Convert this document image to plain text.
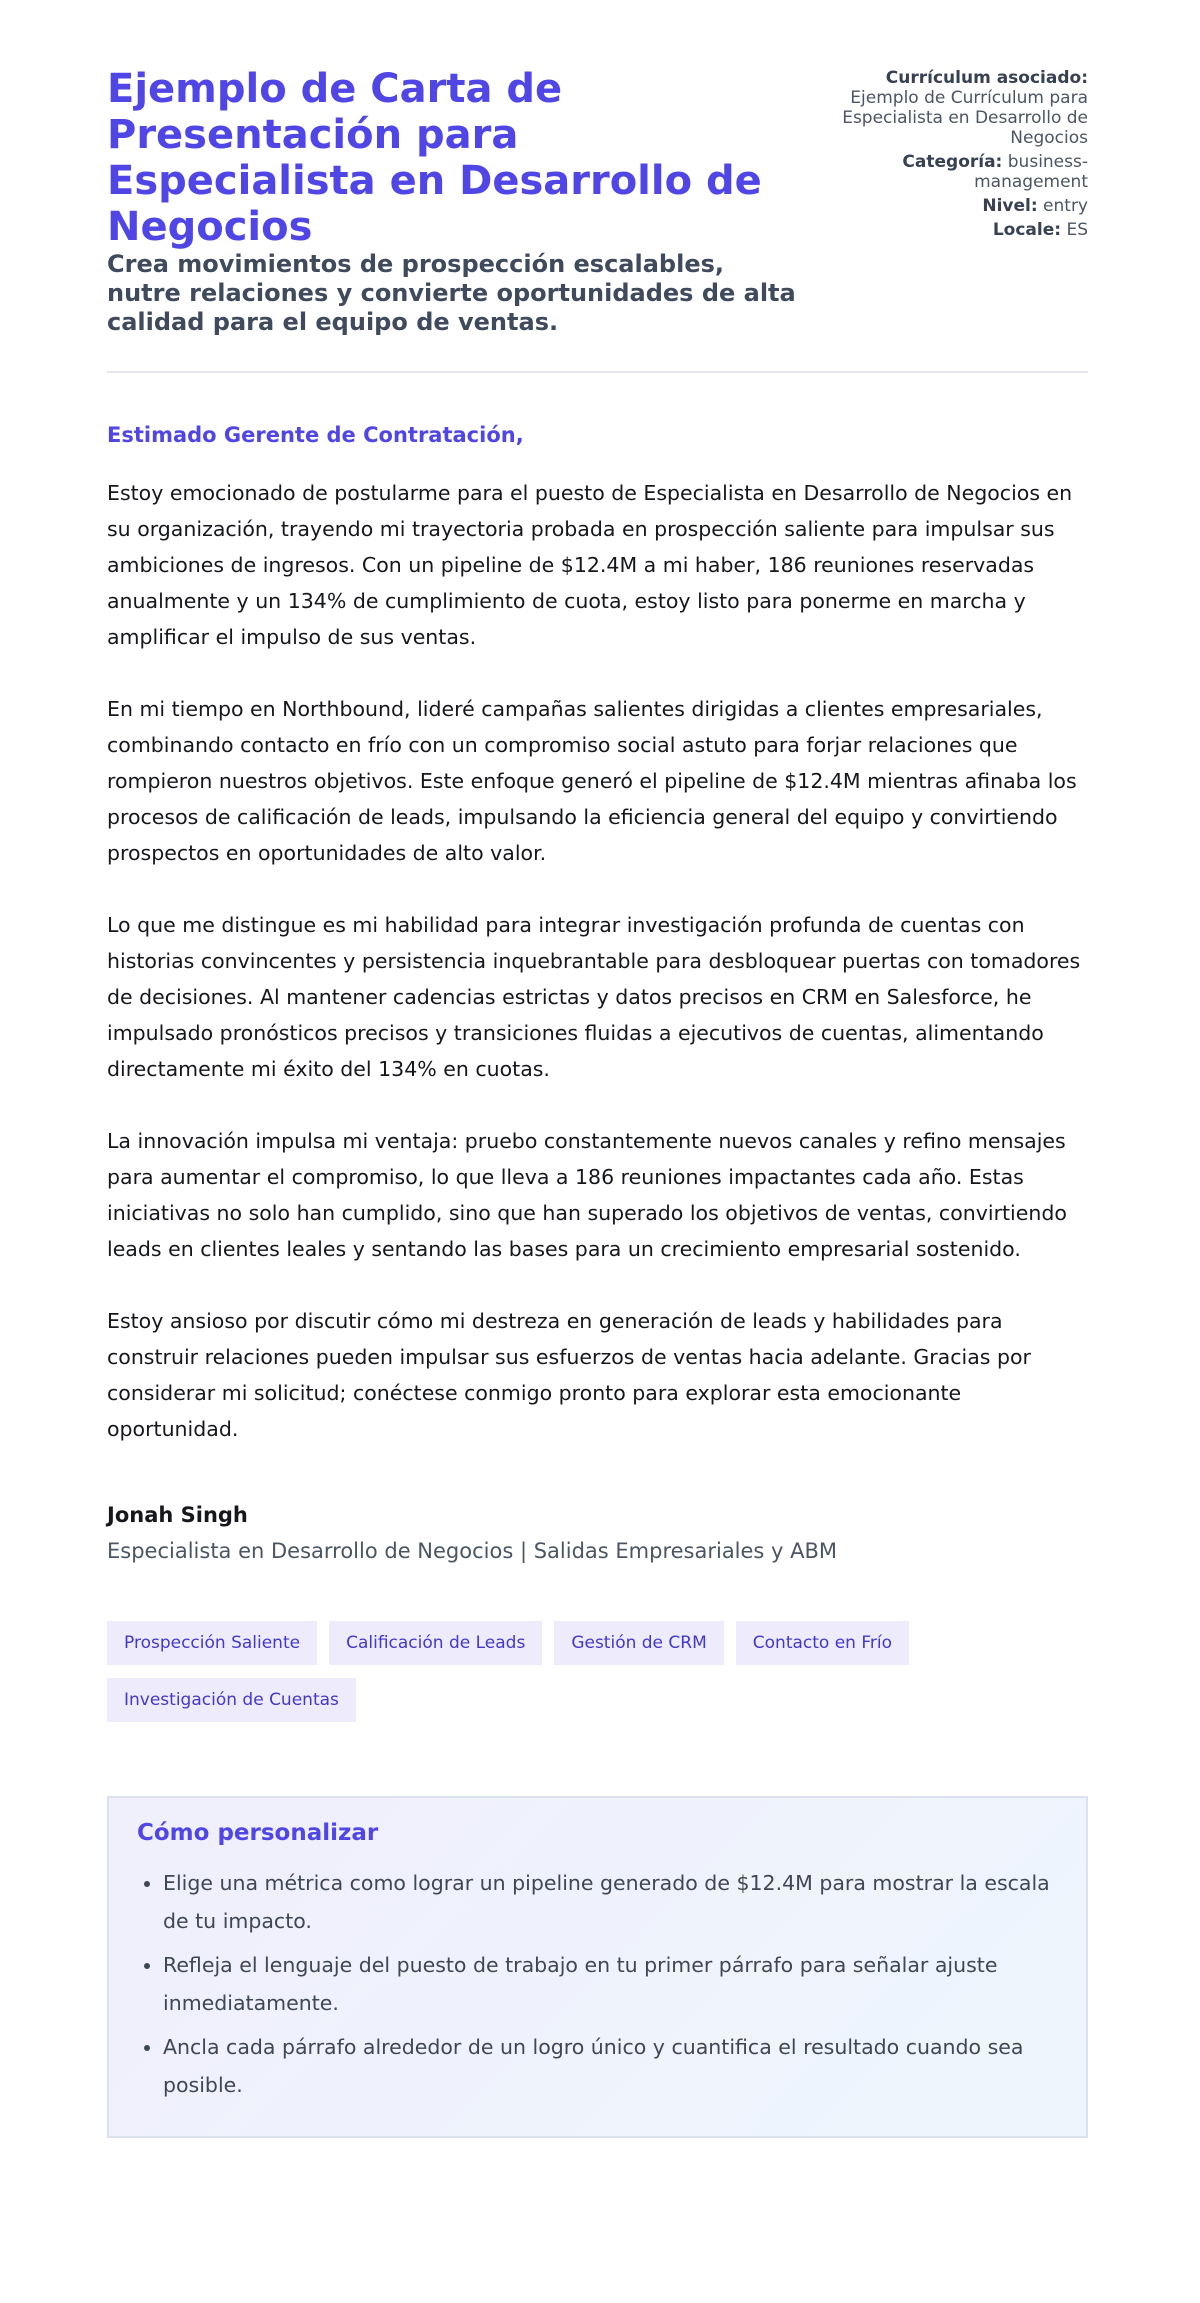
Ejemplo de Carta de Presentación para Especialista en Desarrollo de Negocios

Crea movimientos de prospección escalables, nutre relaciones y convierte oportunidades de alta calidad para el equipo de ventas.

Currículum asociado: Ejemplo de Currículum para Especialista en Desarrollo de Negocios
Categoría: business-management
Nivel: entry
Locale: ES

Estimado Gerente de Contratación,

Estoy emocionado de postularme para el puesto de Especialista en Desarrollo de Negocios en su organización, trayendo mi trayectoria probada en prospección saliente para impulsar sus ambiciones de ingresos. Con un pipeline de $12.4M a mi haber, 186 reuniones reservadas anualmente y un 134% de cumplimiento de cuota, estoy listo para ponerme en marcha y amplificar el impulso de sus ventas.

En mi tiempo en Northbound, lideré campañas salientes dirigidas a clientes empresariales, combinando contacto en frío con un compromiso social astuto para forjar relaciones que rompieron nuestros objetivos. Este enfoque generó el pipeline de $12.4M mientras afinaba los procesos de calificación de leads, impulsando la eficiencia general del equipo y convirtiendo prospectos en oportunidades de alto valor.

Lo que me distingue es mi habilidad para integrar investigación profunda de cuentas con historias convincentes y persistencia inquebrantable para desbloquear puertas con tomadores de decisiones. Al mantener cadencias estrictas y datos precisos en CRM en Salesforce, he impulsado pronósticos precisos y transiciones fluidas a ejecutivos de cuentas, alimentando directamente mi éxito del 134% en cuotas.

La innovación impulsa mi ventaja: pruebo constantemente nuevos canales y refino mensajes para aumentar el compromiso, lo que lleva a 186 reuniones impactantes cada año. Estas iniciativas no solo han cumplido, sino que han superado los objetivos de ventas, convirtiendo leads en clientes leales y sentando las bases para un crecimiento empresarial sostenido.

Estoy ansioso por discutir cómo mi destreza en generación de leads y habilidades para construir relaciones pueden impulsar sus esfuerzos de ventas hacia adelante. Gracias por considerar mi solicitud; conéctese conmigo pronto para explorar esta emocionante oportunidad.

Jonah Singh
Especialista en Desarrollo de Negocios | Salidas Empresariales y ABM
Prospección Saliente	Calificación de Leads	Gestión de CRM	Contacto en Frío
Investigación de Cuentas
Cómo personalizar
• Elige una métrica como lograr un pipeline generado de $12.4M para mostrar la escala de tu impacto.
• Refleja el lenguaje del puesto de trabajo en tu primer párrafo para señalar ajuste inmediatamente.
• Ancla cada párrafo alrededor de un logro único y cuantifica el resultado cuando sea posible.
